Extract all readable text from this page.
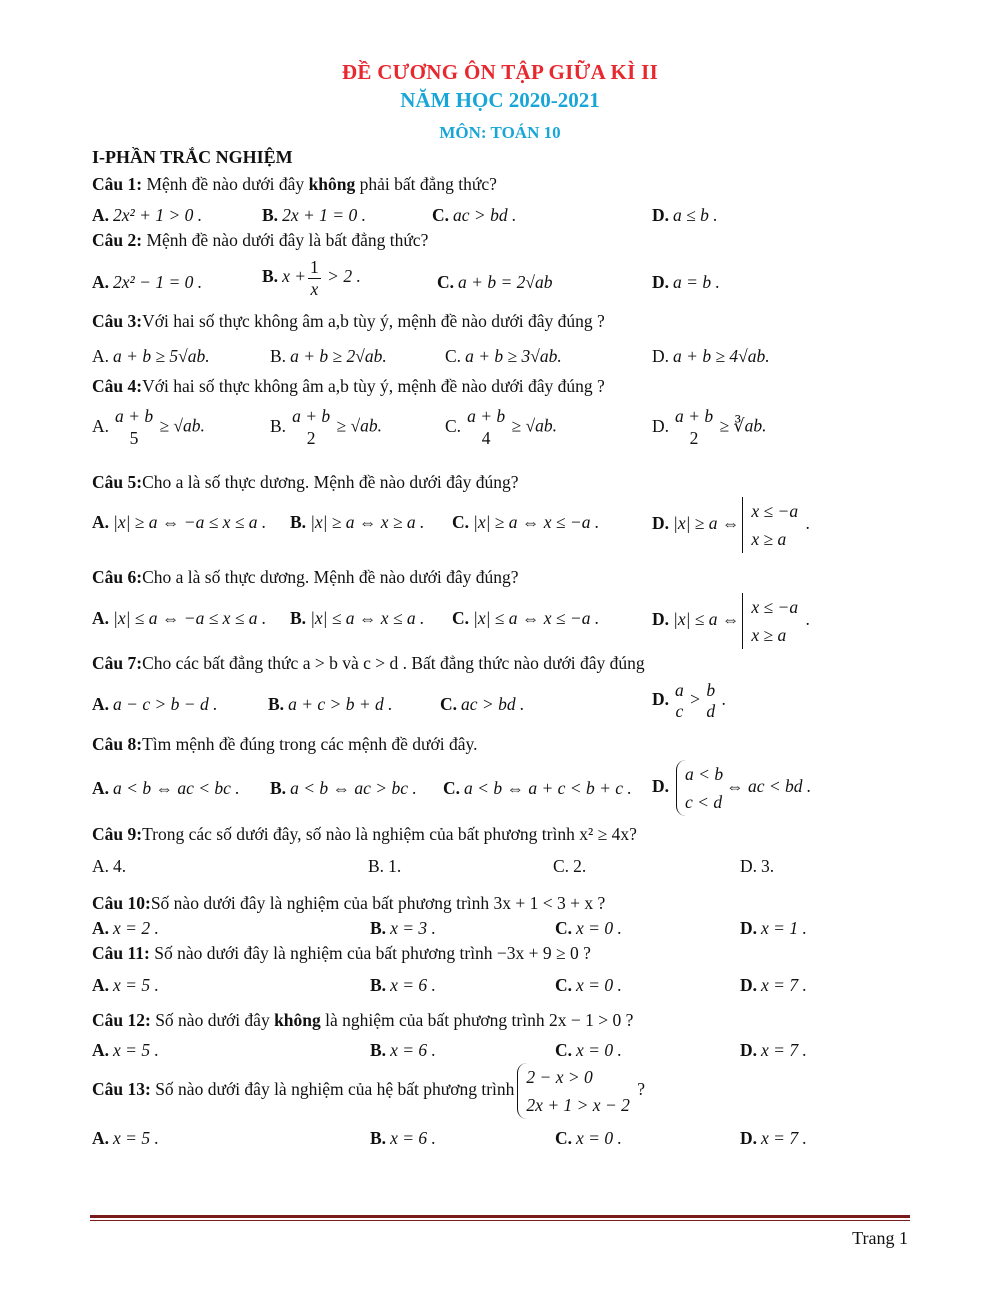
ĐỀ CƯƠNG ÔN TẬP GIỮA KÌ II
NĂM HỌC 2020-2021
MÔN: TOÁN 10
I-PHẦN TRẮC NGHIỆM
Câu 1: Mệnh đề nào dưới đây không phải bất đẳng thức?
A. 2x² + 1 > 0 .	B. 2x + 1 = 0 .	C. ac > bd .	D. a ≤ b .
Câu 2: Mệnh đề nào dưới đây là bất đẳng thức?
A. 2x² − 1 = 0 .	B. $x + \frac{1}{x} > 2$ .	C. a + b = 2√ab	D. a = b .
Câu 3:Với hai số thực không âm a,b tùy ý, mệnh đề nào dưới đây đúng ?
A. a + b ≥ 5√ab.	B. a + b ≥ 2√ab.	C. a + b ≥ 3√ab.	D. a + b ≥ 4√ab.
Câu 4:Với hai số thực không âm a,b tùy ý, mệnh đề nào dưới đây đúng ?
A. a + b
5
≥ √ab.	B. a + b
2
≥ √ab.	C. a + b
4
≥ √ab.	D. a + b
2
≥ ∛ab.
Câu 5:Cho a là số thực dương. Mệnh đề nào dưới đây đúng?
A. |x| ≥ a ⇔ −a ≤ x ≤ a . B. |x| ≥ a ⇔ x ≥ a . C. |x| ≥ a ⇔ x ≤ −a .	D. |x| ≥ a ⇔
x ≤ −a
x ≥ a
.
Câu 6:Cho a là số thực dương. Mệnh đề nào dưới đây đúng?
A. |x| ≤ a ⇔ −a ≤ x ≤ a . B. |x| ≤ a ⇔ x ≤ a . C. |x| ≤ a ⇔ x ≤ −a .	D. |x| ≤ a ⇔
x ≤ −a
x ≥ a
.
Câu 7:Cho các bất đẳng thức a > b và c > d . Bất đẳng thức nào dưới đây đúng
A. a − c > b − d .	B. a + c > b + d .	C. ac > bd .	D. a
c
> b
d
.
Câu 8:Tìm mệnh đề đúng trong các mệnh đề dưới đây.
A. a < b ⇔ ac < bc . B. a < b ⇔ ac > bc . C. a < b ⇔ a + c < b + c . D.
a < b
c < d
⇔ ac < bd .
Câu 9:Trong các số dưới đây, số nào là nghiệm của bất phương trình x² ≥ 4x?
A. 4.	B. 1.	C. 2.	D. 3.
Câu 10:Số nào dưới đây là nghiệm của bất phương trình 3x + 1 < 3 + x ?
A. x = 2 .	B. x = 3 .	C. x = 0 .	D. x = 1 .
Câu 11: Số nào dưới đây là nghiệm của bất phương trình −3x + 9 ≥ 0 ?
A. x = 5 .	B. x = 6 .	C. x = 0 .	D. x = 7 .
Câu 12: Số nào dưới đây không là nghiệm của bất phương trình 2x − 1 > 0 ?
A. x = 5 .	B. x = 6 .	C. x = 0 .	D. x = 7 .
Câu 13: Số nào dưới đây là nghiệm của hệ bất phương trình
2 − x > 0
2x + 1 > x − 2
?
A. x = 5 .	B. x = 6 .	C. x = 0 .	D. x = 7 .
Trang 1
